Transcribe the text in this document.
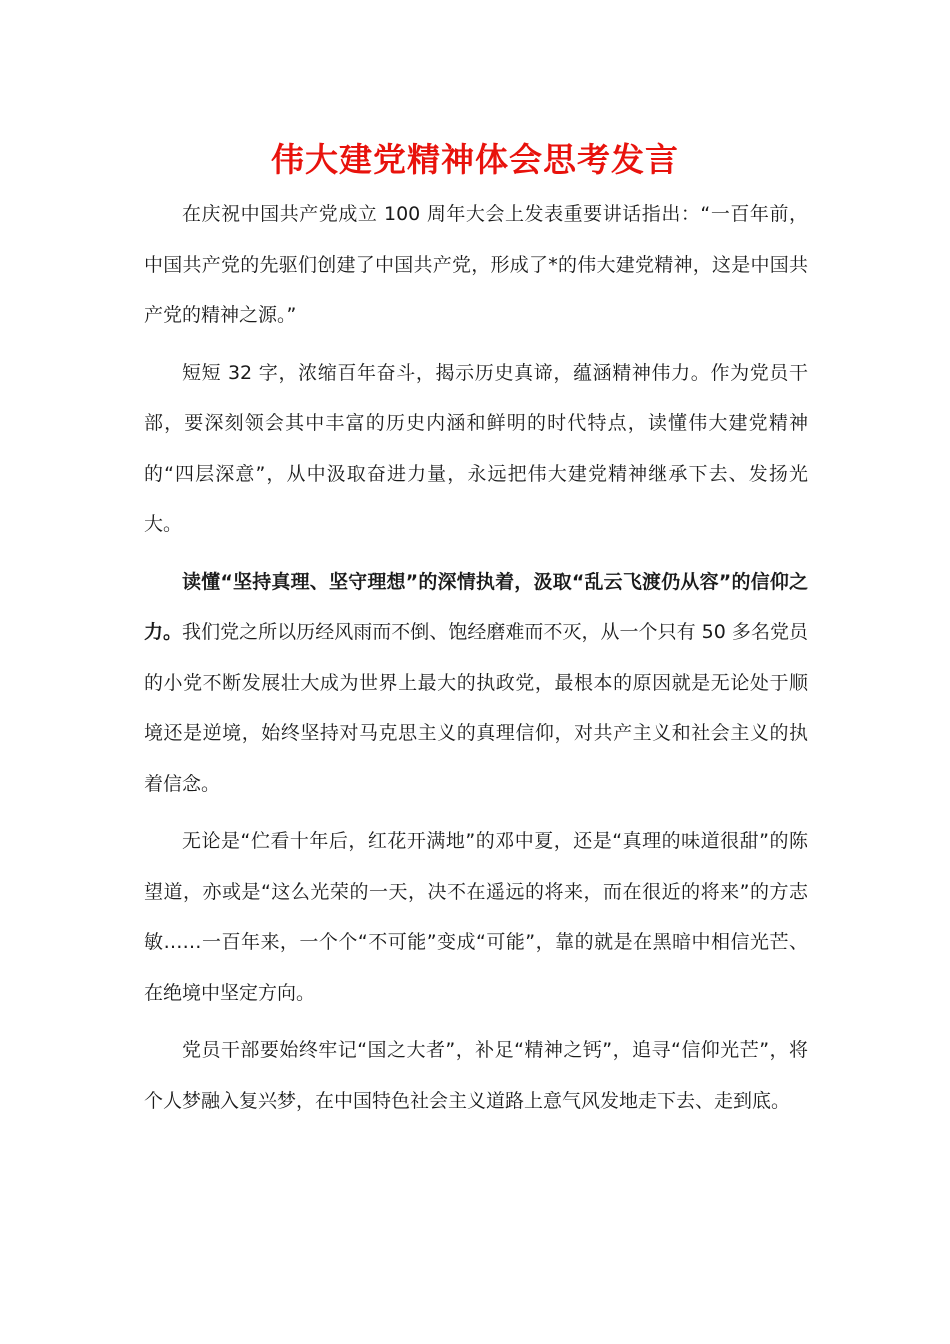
伟大建党精神体会思考发言

在庆祝中国共产党成立 100 周年大会上发表重要讲话指出：“一百年前，中国共产党的先驱们创建了中国共产党，形成了*的伟大建党精神，这是中国共产党的精神之源。”

短短 32 字，浓缩百年奋斗，揭示历史真谛，蕴涵精神伟力。作为党员干部，要深刻领会其中丰富的历史内涵和鲜明的时代特点，读懂伟大建党精神的“四层深意”，从中汲取奋进力量，永远把伟大建党精神继承下去、发扬光大。

读懂“坚持真理、坚守理想”的深情执着，汲取“乱云飞渡仍从容”的信仰之力。我们党之所以历经风雨而不倒、饱经磨难而不灭，从一个只有 50 多名党员的小党不断发展壮大成为世界上最大的执政党，最根本的原因就是无论处于顺境还是逆境，始终坚持对马克思主义的真理信仰，对共产主义和社会主义的执着信念。

无论是“伫看十年后，红花开满地”的邓中夏，还是“真理的味道很甜”的陈望道，亦或是“这么光荣的一天，决不在遥远的将来，而在很近的将来”的方志敏……一百年来，一个个“不可能”变成“可能”，靠的就是在黑暗中相信光芒、在绝境中坚定方向。

党员干部要始终牢记“国之大者”，补足“精神之钙”，追寻“信仰光芒”，将个人梦融入复兴梦，在中国特色社会主义道路上意气风发地走下去、走到底。
